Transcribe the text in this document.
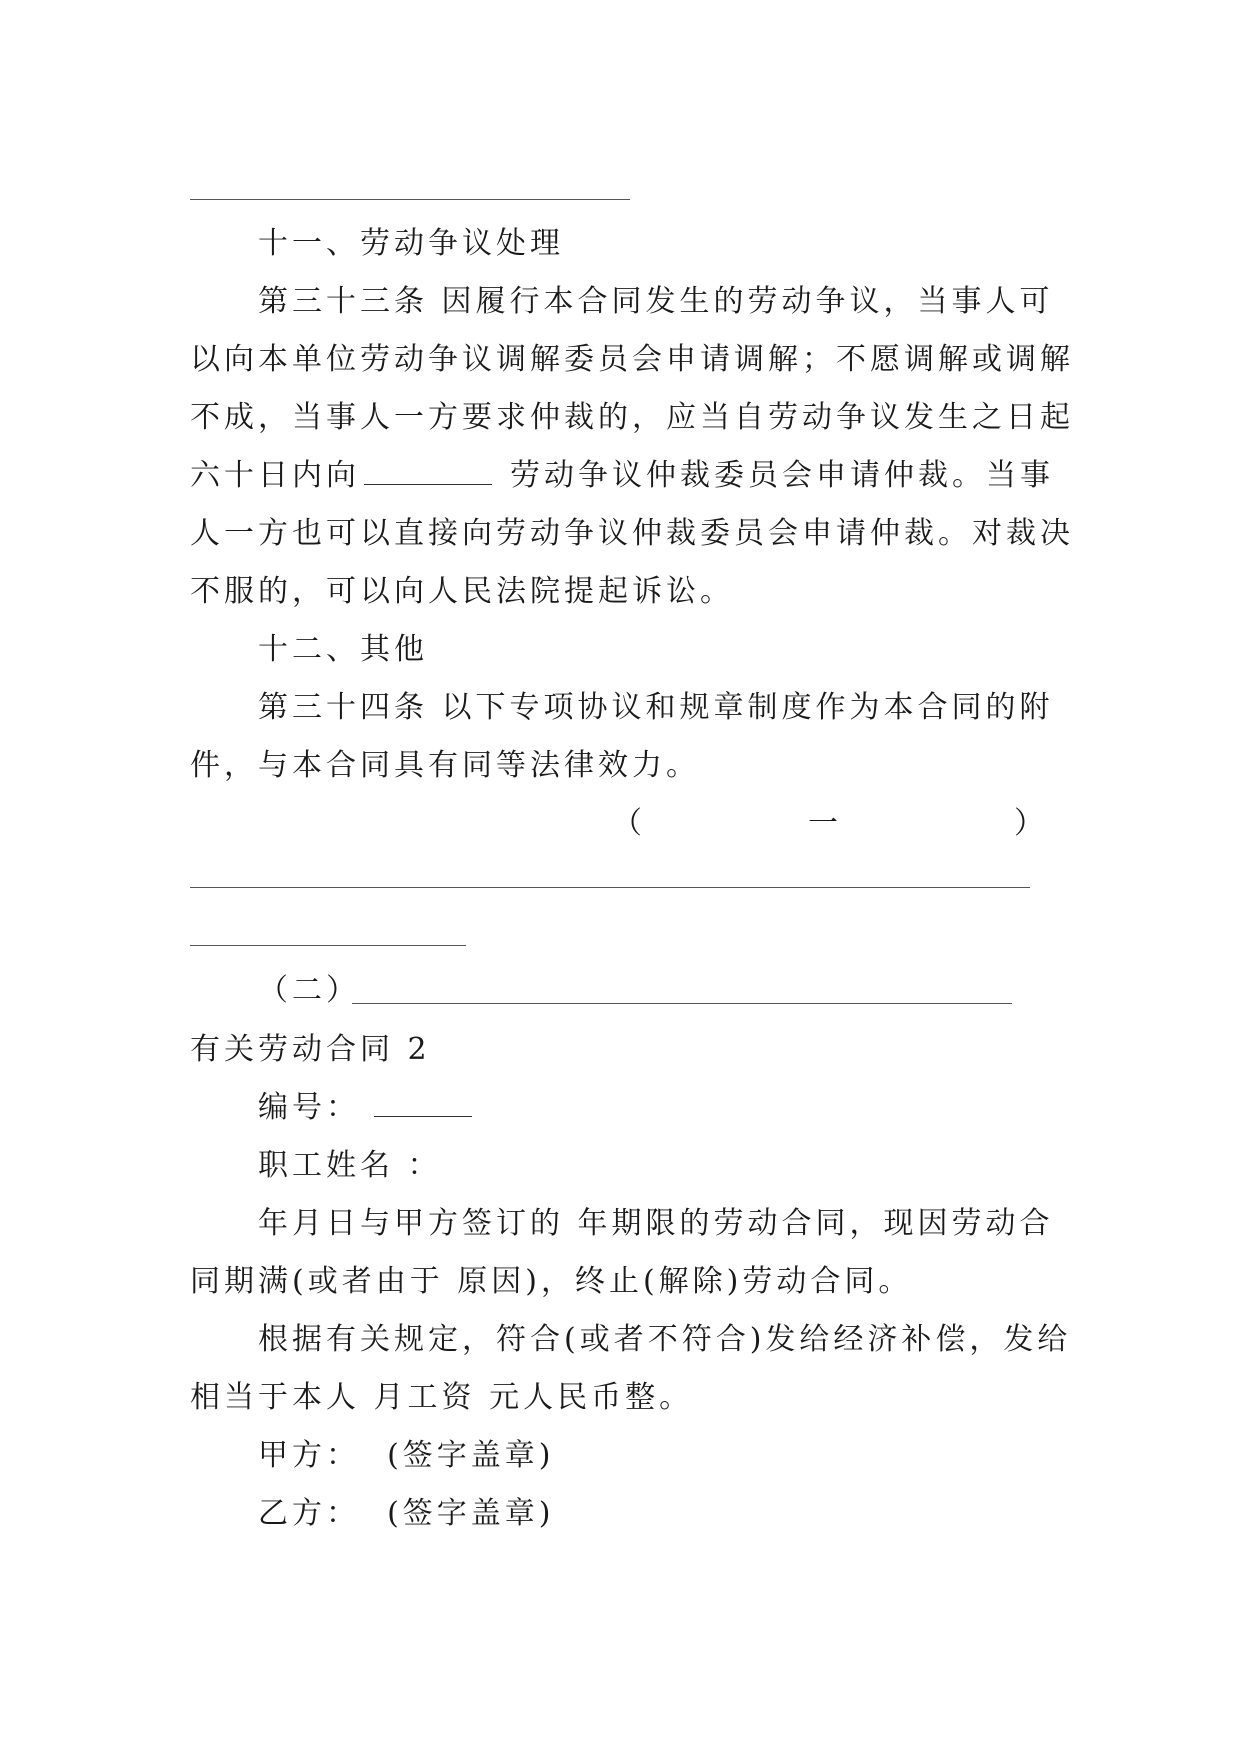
十一、劳动争议处理
第三十三条 因履行本合同发生的劳动争议，当事人可
以向本单位劳动争议调解委员会申请调解；不愿调解或调解
不成，当事人一方要求仲裁的，应当自劳动争议发生之日起
六十日内向	劳动争议仲裁委员会申请仲裁。当事
人一方也可以直接向劳动争议仲裁委员会申请仲裁。对裁决
不服的，可以向人民法院提起诉讼。
十二、其他
第三十四条 以下专项协议和规章制度作为本合同的附
件，与本合同具有同等法律效力。
（	一	）
（二）
有关劳动合同 2
编号：
职工姓名 ：
年月日与甲方签订的 年期限的劳动合同，现因劳动合
同期满(或者由于 原因)，终止(解除)劳动合同。
根据有关规定，符合(或者不符合)发给经济补偿，发给
相当于本人 月工资 元人民币整。
甲方：  (签字盖章)
乙方：  (签字盖章)
